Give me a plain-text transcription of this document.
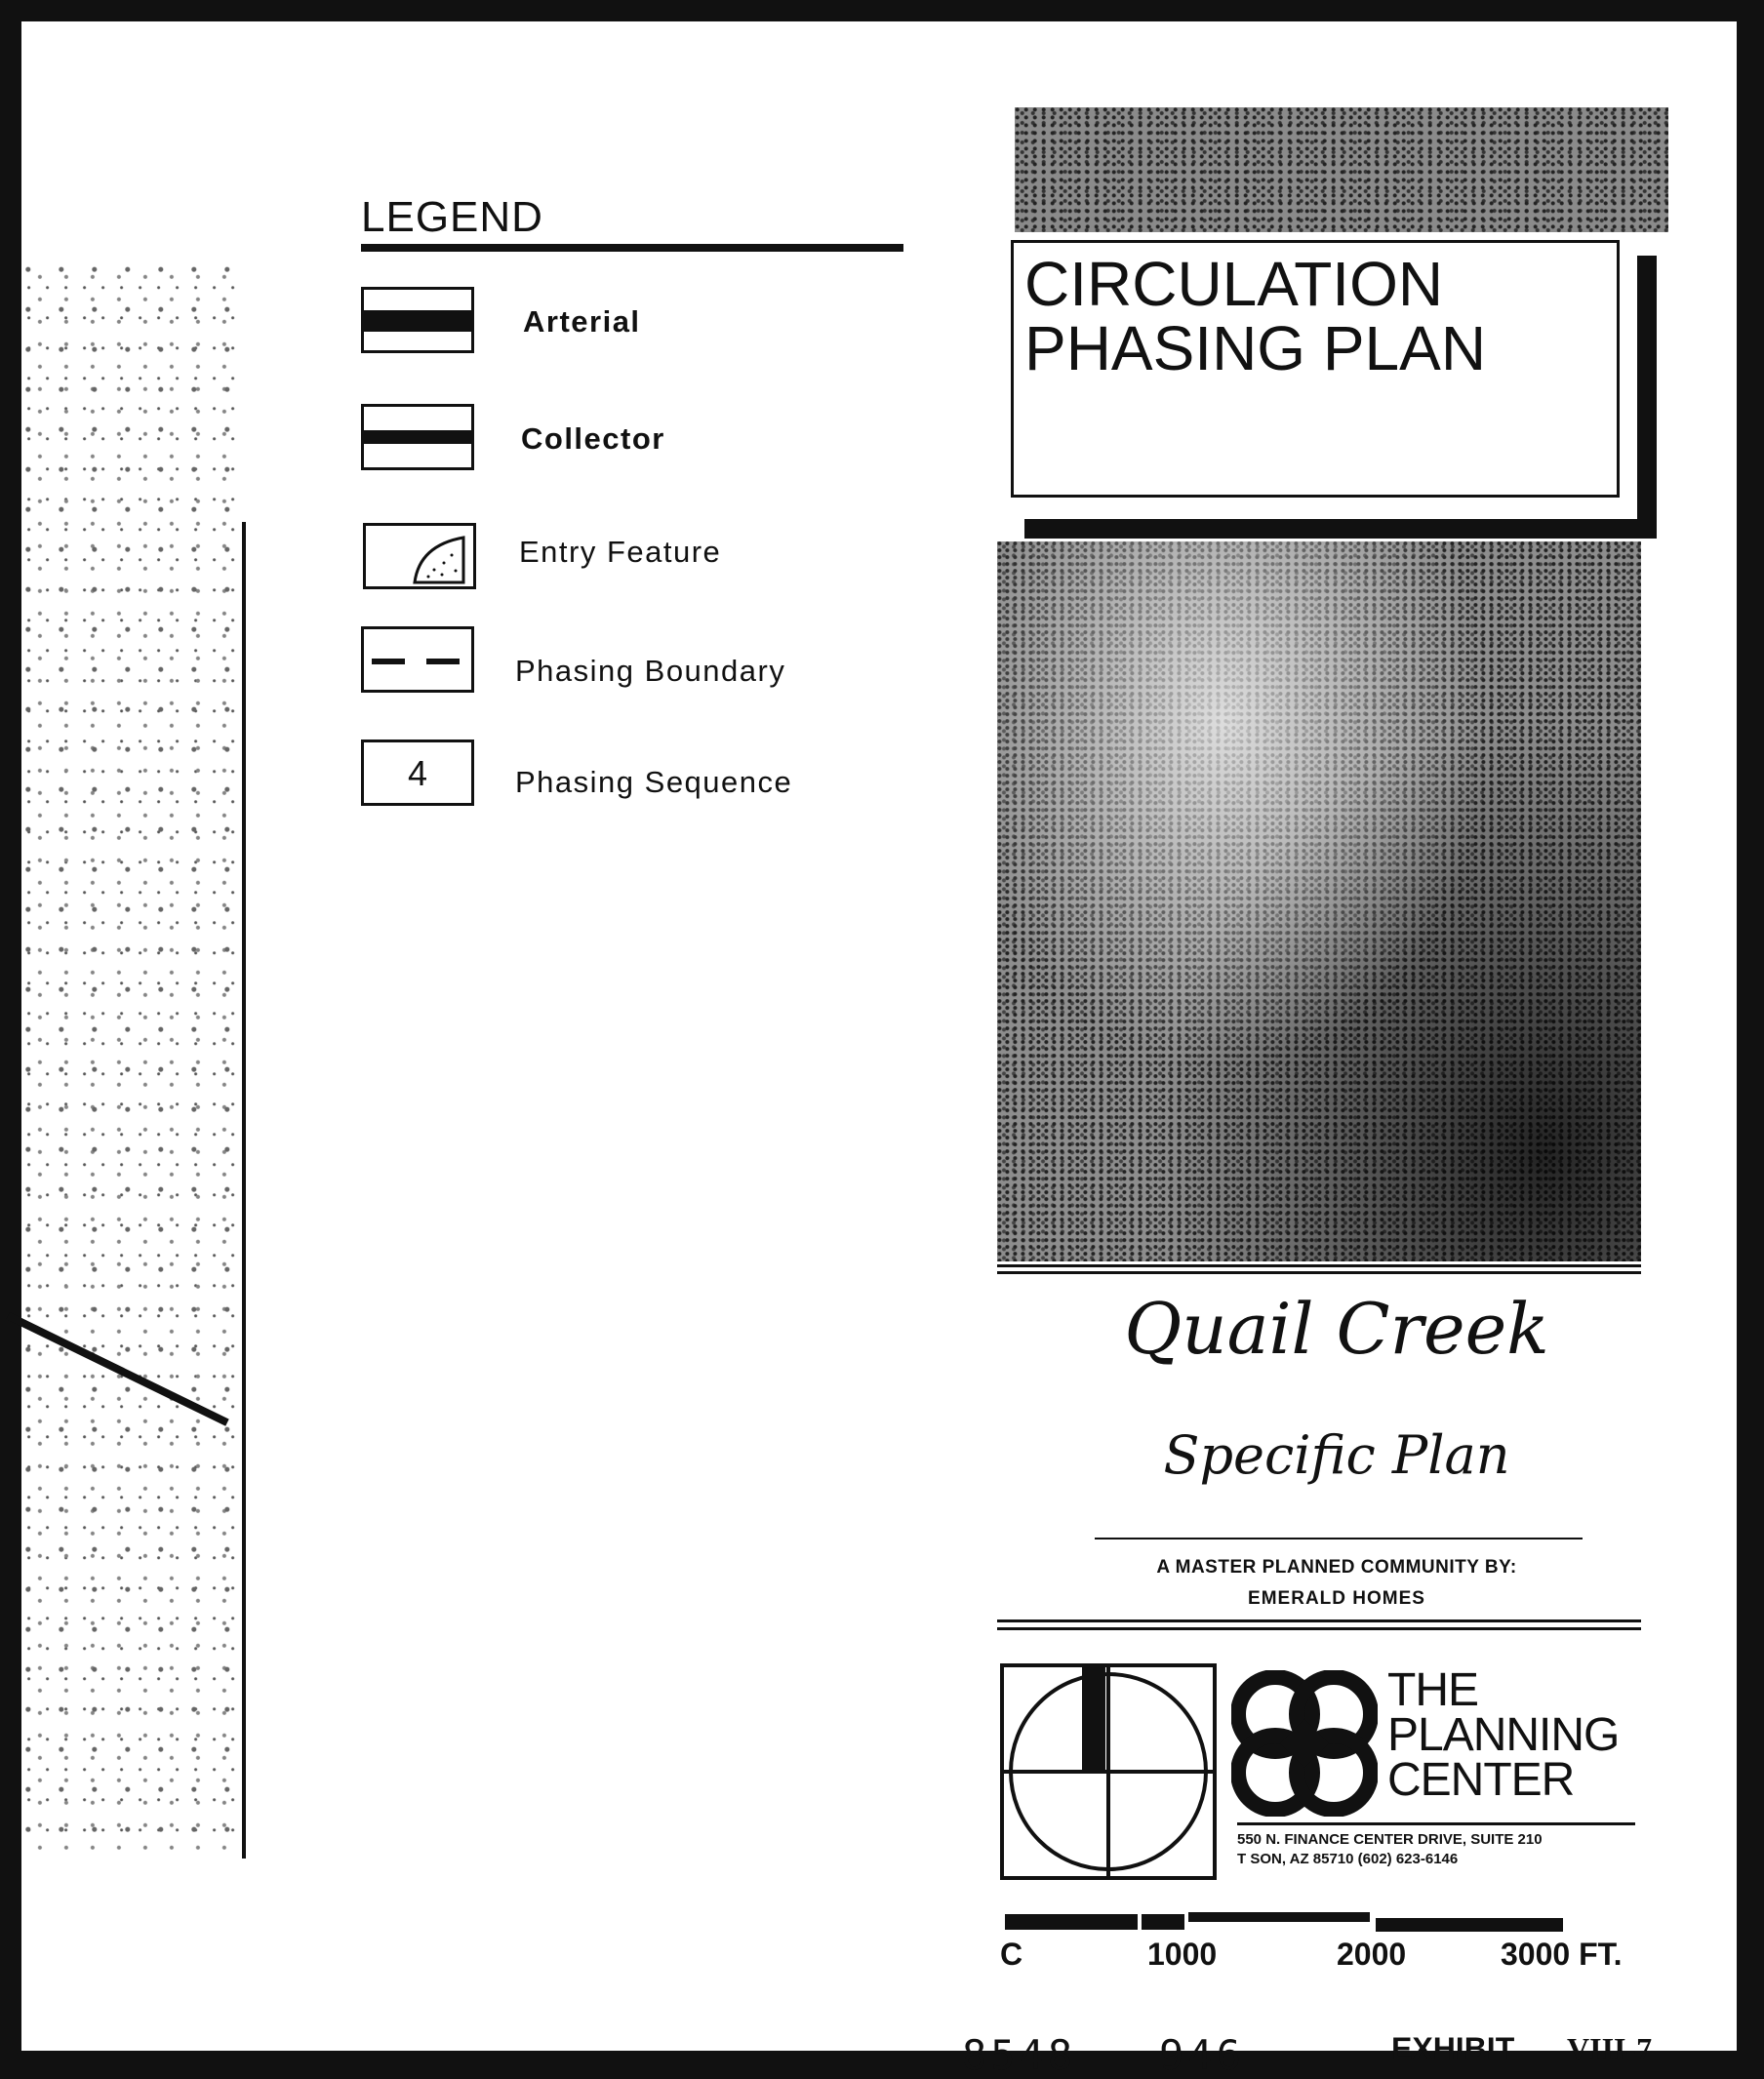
LEGEND
Arterial
Collector
Entry Feature
Phasing Boundary
4	Phasing Sequence
CIRCULATION
PHASING PLAN
Quail Creek
Specific Plan
A MASTER PLANNED COMMUNITY BY:
EMERALD HOMES
THE
PLANNING
CENTER
550 N. FINANCE CENTER DRIVE, SUITE 210
T SON, AZ 85710 (602) 623-6146
C	1000	2000	3000 FT.
8548 946	EXHIBIT VIII-7
